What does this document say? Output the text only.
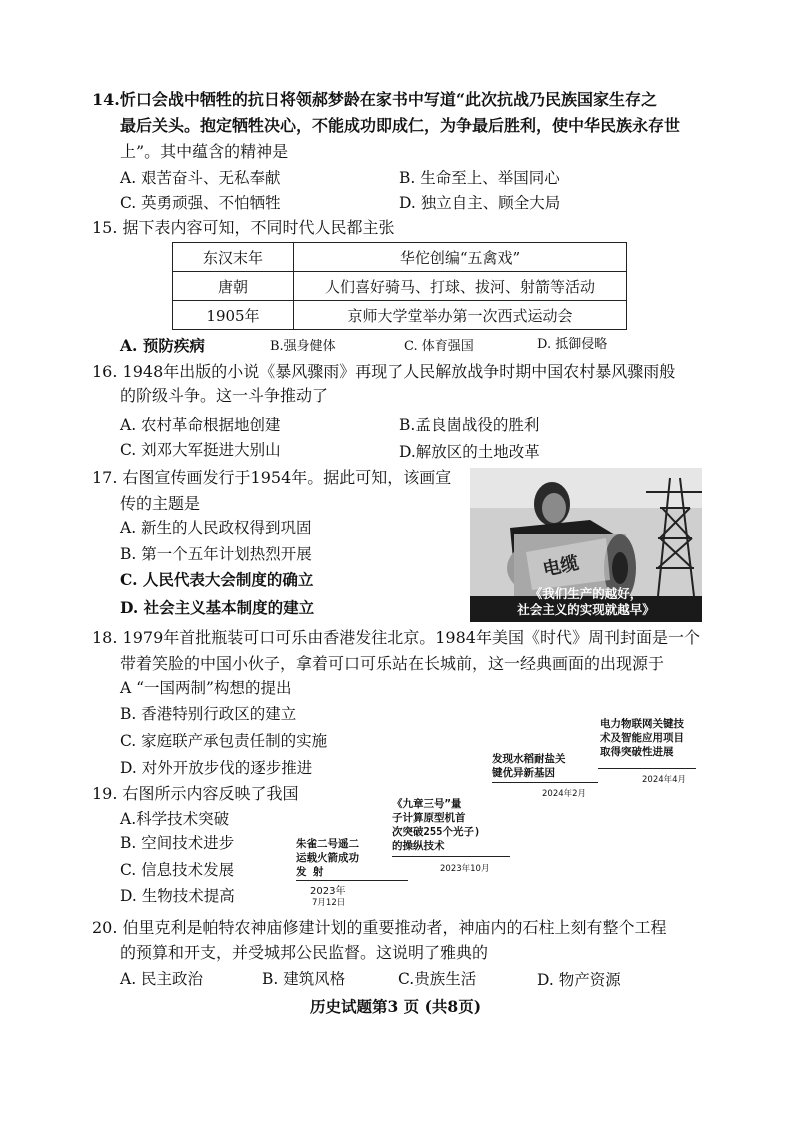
14.忻口会战中牺牲的抗日将领郝梦龄在家书中写道“此次抗战乃民族国家生存之
最后关头。抱定牺牲决心，不能成功即成仁，为争最后胜利，使中华民族永存世
上”。其中蕴含的精神是
A. 艰苦奋斗、无私奉献	B. 生命至上、举国同心
C. 英勇顽强、不怕牺牲	D. 独立自主、顾全大局
15. 据下表内容可知，不同时代人民都主张
东汉末年	华佗创编“五禽戏”
唐朝	人们喜好骑马、打球、拔河、射箭等活动
1905年	京师大学堂举办第一次西式运动会
A. 预防疾病	B.强身健体	C. 体育强国	D. 抵御侵略
16. 1948年出版的小说《暴风骤雨》再现了人民解放战争时期中国农村暴风骤雨般
的阶级斗争。这一斗争推动了
A. 农村革命根据地创建	B.孟良崮战役的胜利
C. 刘邓大军挺进大别山	D.解放区的土地改革
17. 右图宣传画发行于1954年。据此可知，该画宣
传的主题是
A. 新生的人民政权得到巩固
B. 第一个五年计划热烈开展
C. 人民代表大会制度的确立
D. 社会主义基本制度的建立
电缆
《我们生产的越好，
社会主义的实现就越早》
18. 1979年首批瓶装可口可乐由香港发往北京。1984年美国《时代》周刊封面是一个
带着笑脸的中国小伙子，拿着可口可乐站在长城前，这一经典画面的出现源于
A “一国两制”构想的提出
B. 香港特别行政区的建立
C. 家庭联产承包责任制的实施
D. 对外开放步伐的逐步推进
19. 右图所示内容反映了我国
A.科学技术突破
B. 空间技术进步
C. 信息技术发展
D. 生物技术提高
朱雀二号遥二
运载火箭成功
发 射
2023年
7月12日
《九章三号”量
子计算原型机首
次突破255个光子)
的操纵技术
2023年10月
发现水稻耐盐关
键优异新基因
2024年2月
电力物联网关键技
术及智能应用项目
取得突破性进展
2024年4月
20. 伯里克利是帕特农神庙修建计划的重要推动者，神庙内的石柱上刻有整个工程
的预算和开支，并受城邦公民监督。这说明了雅典的
A. 民主政治	B. 建筑风格	C.贵族生活	D. 物产资源
历史试题第3 页 (共8页)
